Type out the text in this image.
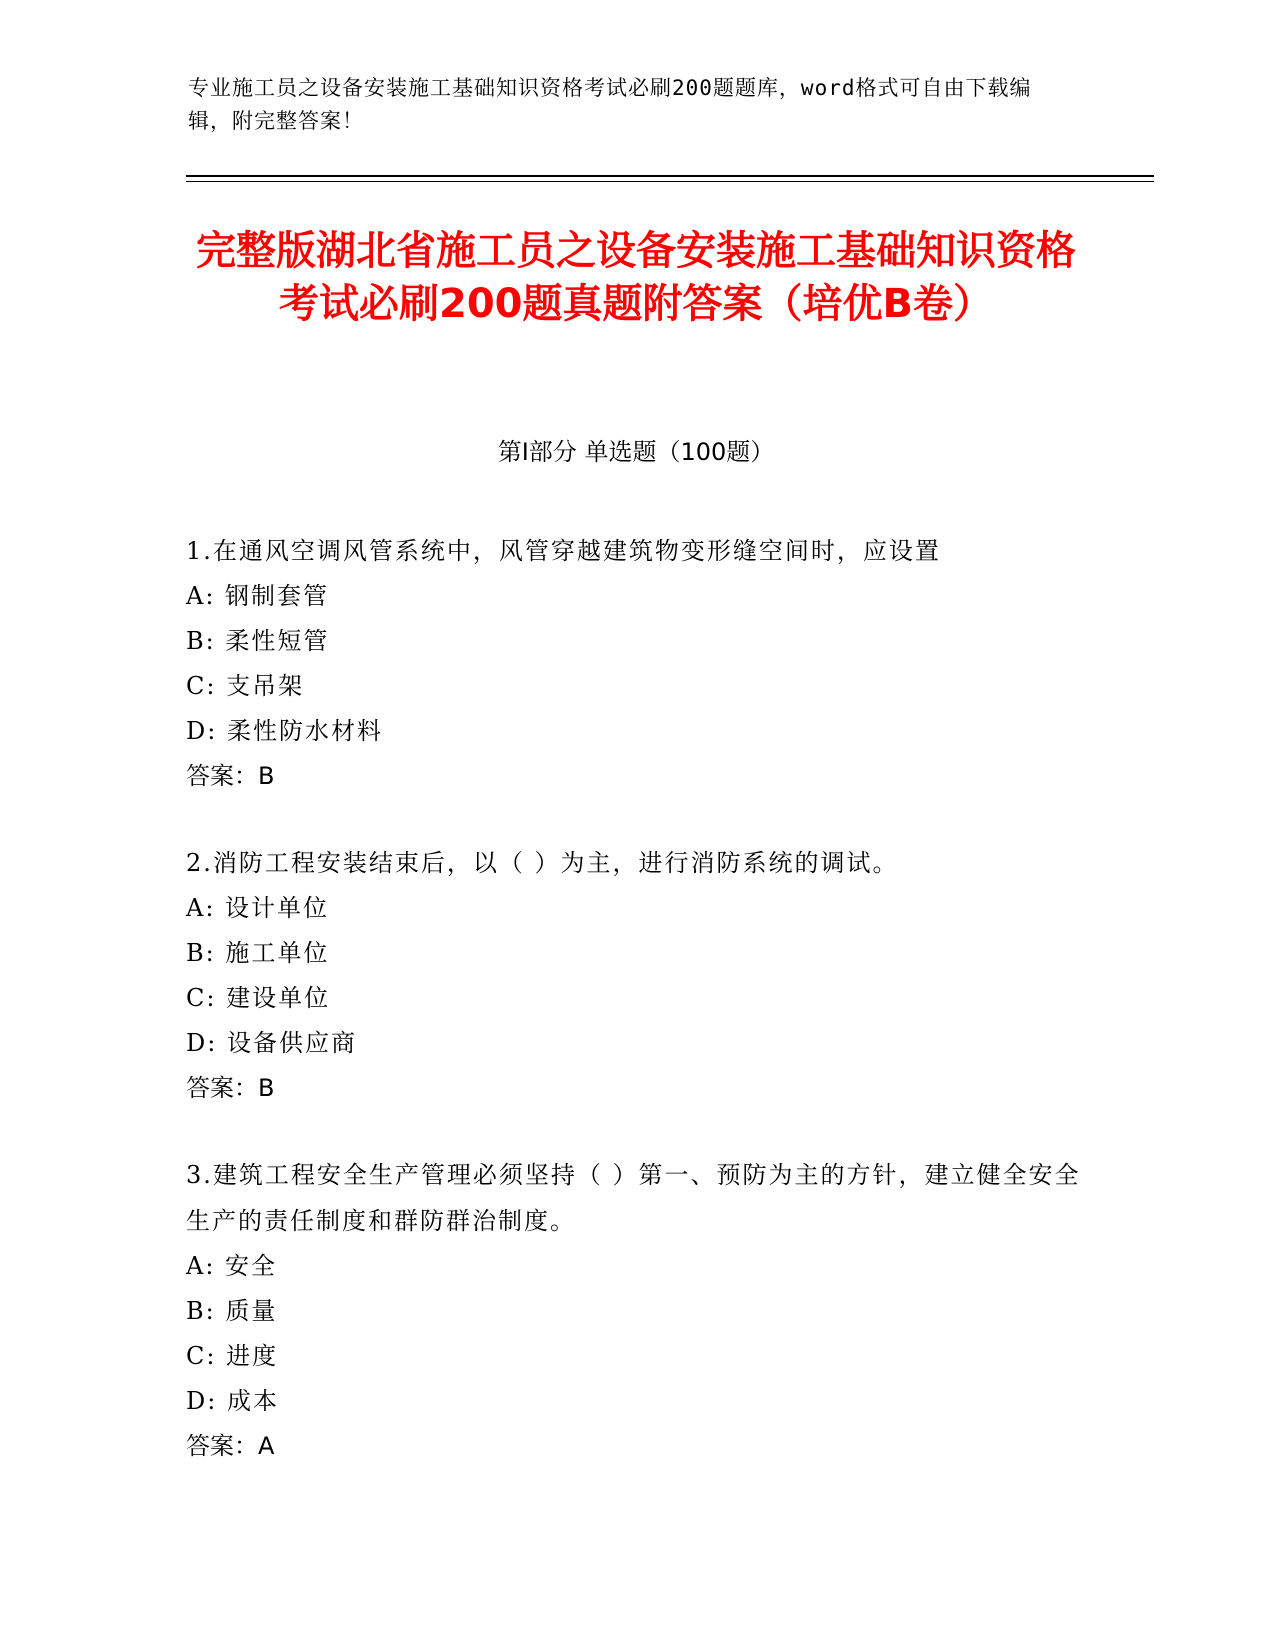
专业施工员之设备安装施工基础知识资格考试必刷200题题库，word格式可自由下载编辑，附完整答案！
完整版湖北省施工员之设备安装施工基础知识资格考试必刷200题真题附答案（培优B卷）
第Ⅰ部分 单选题（100题）
1.在通风空调风管系统中，风管穿越建筑物变形缝空间时，应设置
A: 钢制套管
B: 柔性短管
C: 支吊架
D: 柔性防水材料
答案：B
2.消防工程安装结束后，以（ ）为主，进行消防系统的调试。
A: 设计单位
B: 施工单位
C: 建设单位
D: 设备供应商
答案：B
3.建筑工程安全生产管理必须坚持（ ）第一、预防为主的方针，建立健全安全生产的责任制度和群防群治制度。
A: 安全
B: 质量
C: 进度
D: 成本
答案：A
